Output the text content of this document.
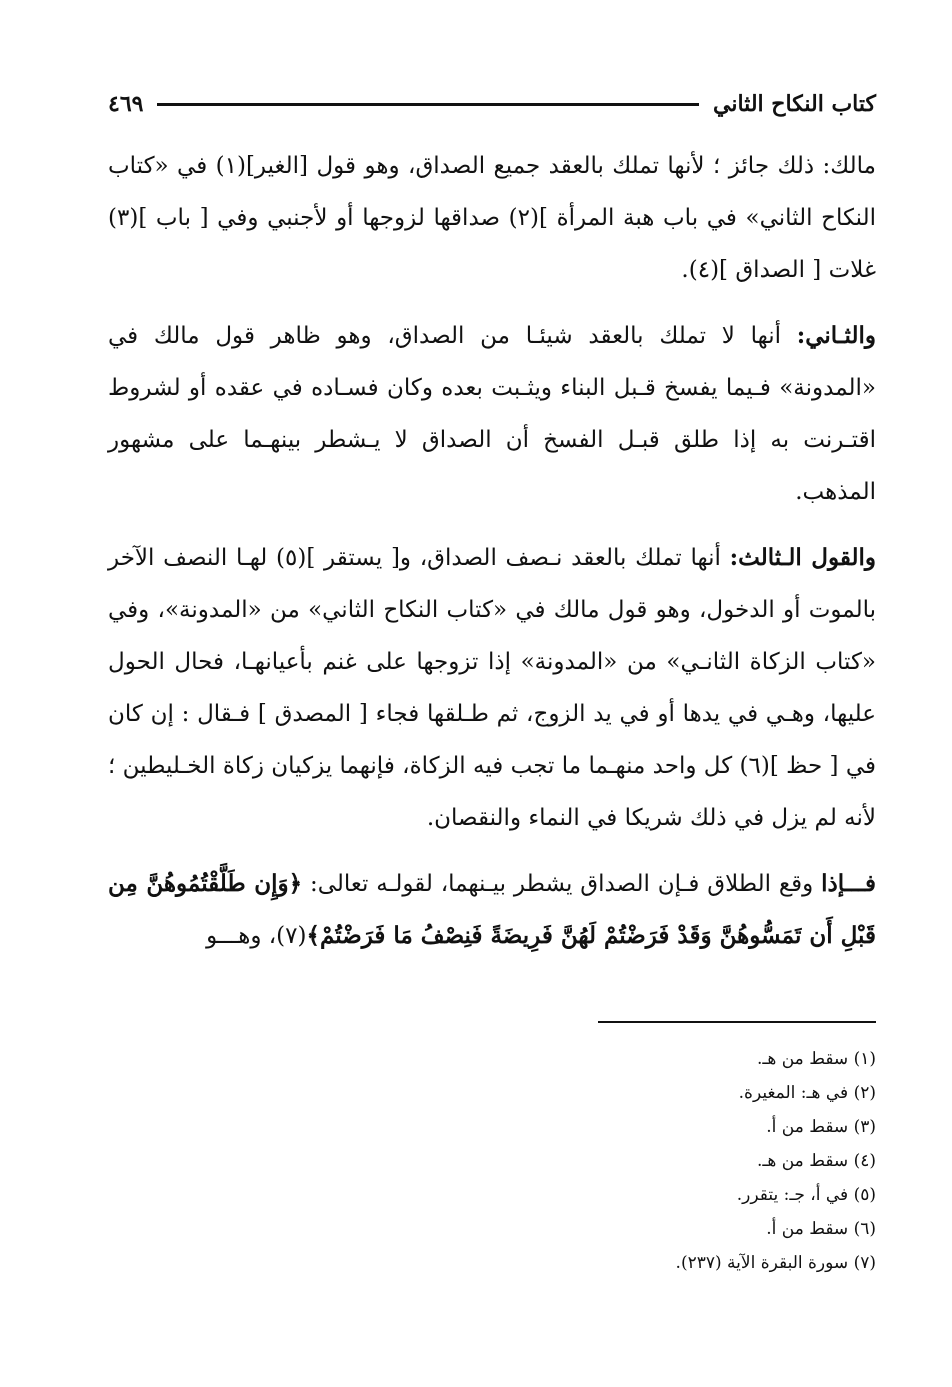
كتاب النكاح الثاني
٤٦٩

مالك: ذلك جائز ؛ لأنها تملك بالعقد جميع الصداق، وهو قول [الغير](١) في «كتاب النكاح الثاني» في باب هبة المرأة ](٢) صداقها لزوجها أو لأجنبي وفي [ باب ](٣) غلات [ الصداق ](٤).

والثـاني: أنها لا تملك بالعقد شيئـا من الصداق، وهو ظاهر قول مالك في «المدونة» فـيما يفسخ قـبل البناء ويثـبت بعده وكان فسـاده في عقده أو لشروط اقتـرنت به إذا طلق قبـل الفسخ أن الصداق لا يـشطر بينهـما على مشهور المذهب.

والقول الـثالث: أنها تملك بالعقد نـصف الصداق، و[ يستقر ](٥) لهـا النصف الآخر بالموت أو الدخول، وهو قول مالك في «كتاب النكاح الثاني» من «المدونة»، وفي «كتاب الزكاة الثانـي» من «المدونة» إذا تزوجها على غنم بأعيانهـا، فحال الحول عليها، وهـي في يدها أو في يد الزوج، ثم طـلقها فجاء [ المصدق ] فـقال : إن كان في [ حظ ](٦) كل واحد منهـما ما تجب فيه الزكاة، فإنهما يزكيان زكاة الخـليطين ؛ لأنه لم يزل في ذلك شريكا في النماء والنقصان.

فـــإذا وقع الطلاق فـإن الصداق يشطر بيـنهما، لقولـه تعالى: ﴿وَإِن طَلَّقْتُمُوهُنَّ مِن قَبْلِ أَن تَمَسُّوهُنَّ وَقَدْ فَرَضْتُمْ لَهُنَّ فَرِيضَةً فَنِصْفُ مَا فَرَضْتُمْ﴾(٧)، وهـــو

(١) سقط من هـ.
(٢) في هـ: المغيرة.
(٣) سقط من أ.
(٤) سقط من هـ.
(٥) في أ، جـ: يتقرر.
(٦) سقط من أ.
(٧) سورة البقرة الآية (٢٣٧).
